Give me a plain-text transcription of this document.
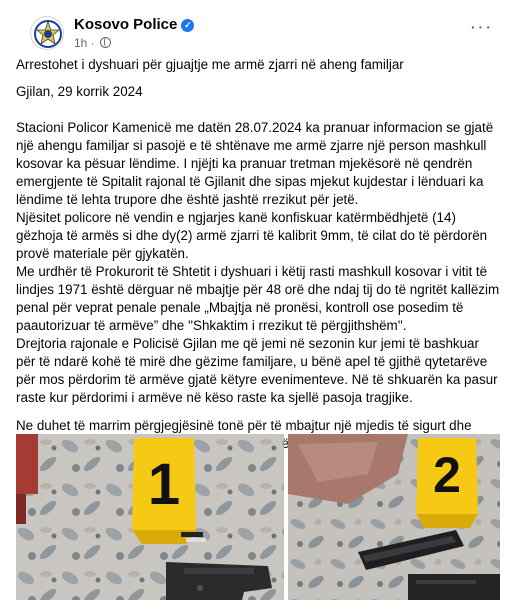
Kosovo Police ✓
1h ·
···

Arrestohet i dyshuari për gjuajtje me armë zjarri në aheng familjar

Gjilan, 29 korrik 2024

Stacioni Policor Kamenicë me datën 28.07.2024 ka pranuar informacion se gjatë një ahengu familjar si pasojë e të shtënave me armë zjarre një person mashkull kosovar ka pësuar lëndime. I njëjti ka pranuar tretman mjekësorë në qendrën emergjente të Spitalit rajonal të Gjilanit dhe sipas mjekut kujdestar i lënduari ka lëndime të lehta trupore dhe është jashtë rrezikut për jetë.

Njësitet policore në vendin e ngjarjes kanë konfiskuar katërmbëdhjetë (14) gëzhoja të armës si dhe dy(2) armë zjarri të kalibrit 9mm, të cilat do të përdorën provë materiale për gjykatën.

Me urdhër të Prokurorit të Shtetit i dyshuari i këtij rasti mashkull kosovar i vitit të lindjes 1971 është dërguar në mbajtje për 48 orë dhe ndaj tij do të ngritët kallëzim penal për veprat penale penale „Mbajtja në pronësi, kontroll ose posedim të paautorizuar të armëve” dhe ''Shkaktim i rrezikut të përgjithshëm''.

Drejtoria rajonale e Policisë Gjilan me që jemi në sezonin kur jemi të bashkuar për të ndarë kohë të mirë dhe gëzime familjare, u bënë apel të gjithë qytetarëve për mos përdorim të armëve gjatë këtyre evenimenteve. Në të shkuarën ka pasur raste kur përdorimi i armëve në këso raste ka sjellë pasoja tragjike.

Ne duhet të marrim përgjegjësinë tonë për të mbajtur një mjedis të sigurt dhe

1	2
